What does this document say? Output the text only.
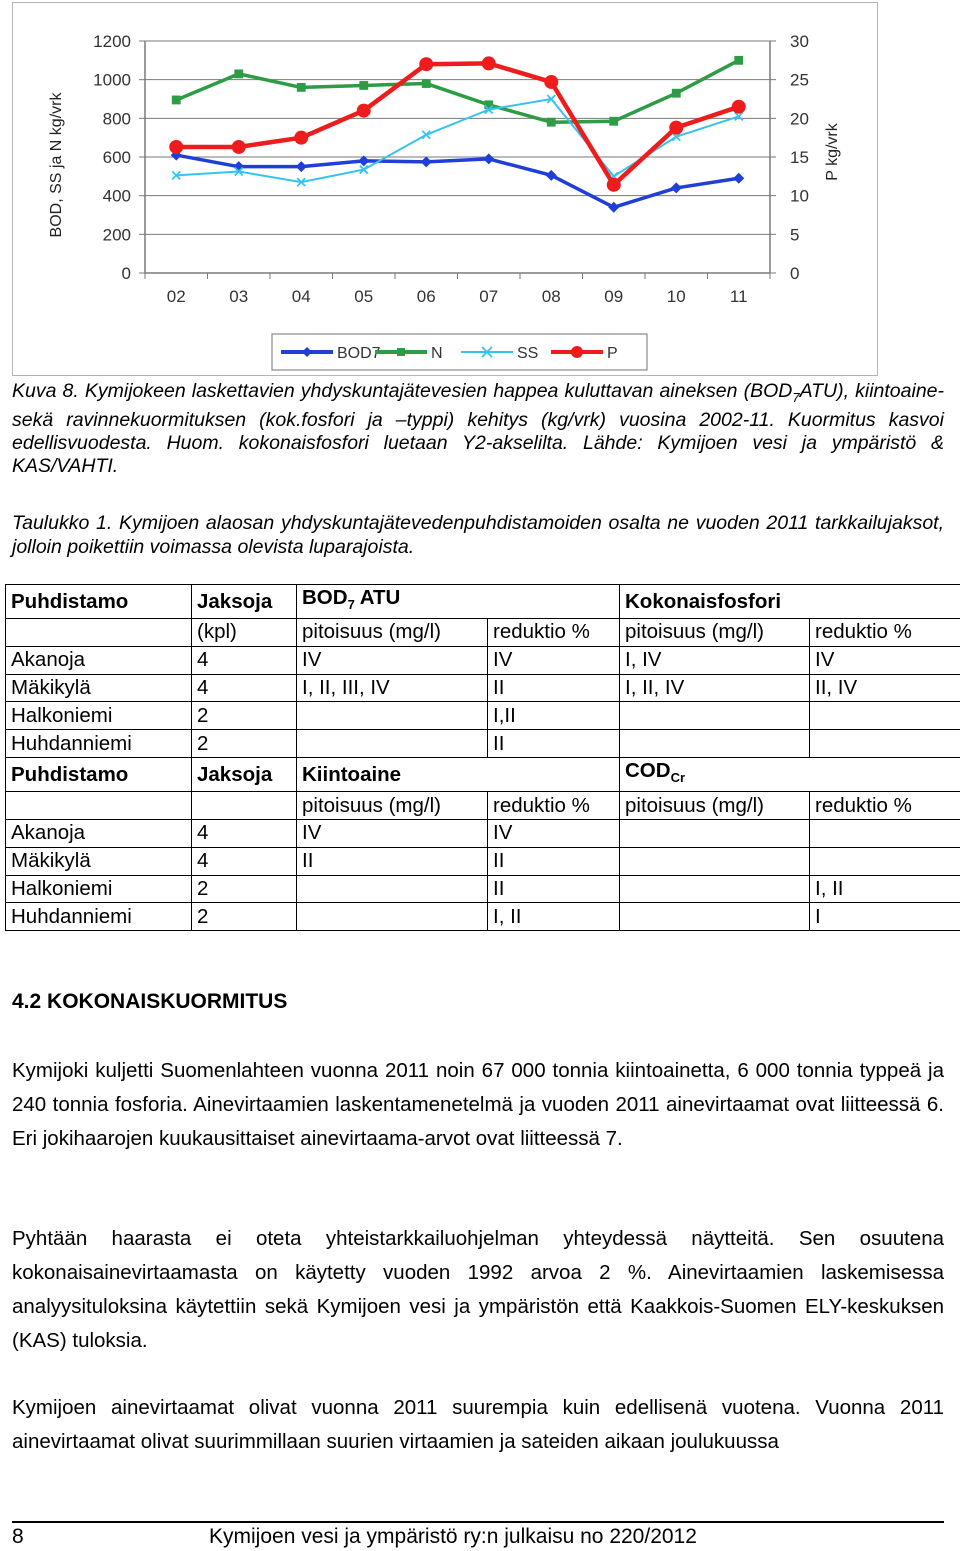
0
200
400
600
800
1000
1200
0
5
10
15
20
25
30
02	03	04	05	06	07	08	09	10	11
BOD, SS ja N kg/vrk	P kg/vrk
BOD7	N	SS	P
Kuva 8. Kymijokeen laskettavien yhdyskuntajätevesien happea kuluttavan aineksen $(BOD_7ATU)$, kiintoaine- sekä ravinnekuormituksen (kok.fosfori ja –typpi) kehitys (kg/vrk) vuosina 2002-11. Kuormitus kasvoi edellisvuodesta. Huom. kokonaisfosfori luetaan Y2-akselilta. Lähde: Kymijoen vesi ja ympäristö & KAS/VAHTI.
Taulukko 1. Kymijoen alaosan yhdyskuntajätevedenpuhdistamoiden osalta ne vuoden 2011 tarkkailujaksot, jolloin poikettiin voimassa olevista luparajoista.
Puhdistamo	Jaksoja	$BOD_7$ ATU		Kokonaisfosfori	
	(kpl)	pitoisuus (mg/l)	reduktio %	pitoisuus (mg/l)	reduktio %
Akanoja	4	IV	IV	I, IV	IV
Mäkikylä	4	I, II, III, IV	II	I, II, IV	II, IV
Halkoniemi	2		I,II		
Huhdanniemi	2		II		
Puhdistamo	Jaksoja	Kiintoaine		$COD_{Cr}$
		pitoisuus (mg/l)	reduktio %	pitoisuus (mg/l)	reduktio %
Akanoja	4	IV	IV		
Mäkikylä	4	II	II		
Halkoniemi	2		II		I, II
Huhdanniemi	2		I, II		I
4.2 KOKONAISKUORMITUS
Kymijoki kuljetti Suomenlahteen vuonna 2011 noin 67 000 tonnia kiintoainetta, 6 000 tonnia typpeä ja 240 tonnia fosforia. Ainevirtaamien laskentamenetelmä ja vuoden 2011 ainevirtaamat ovat liitteessä 6. Eri jokihaarojen kuukausittaiset ainevirtaama-arvot ovat liitteessä 7.
Pyhtään haarasta ei oteta yhteistarkkailuohjelman yhteydessä näytteitä. Sen osuutena kokonaisainevirtaamasta on käytetty vuoden 1992 arvoa 2 %. Ainevirtaamien laskemisessa analyysituloksina käytettiin sekä Kymijoen vesi ja ympäristön että Kaakkois-Suomen ELY-keskuksen (KAS) tuloksia.
Kymijoen ainevirtaamat olivat vuonna 2011 suurempia kuin edellisenä vuotena. Vuonna 2011 ainevirtaamat olivat suurimmillaan suurien virtaamien ja sateiden aikaan joulukuussa
8	Kymijoen vesi ja ympäristö ry:n julkaisu no 220/2012
